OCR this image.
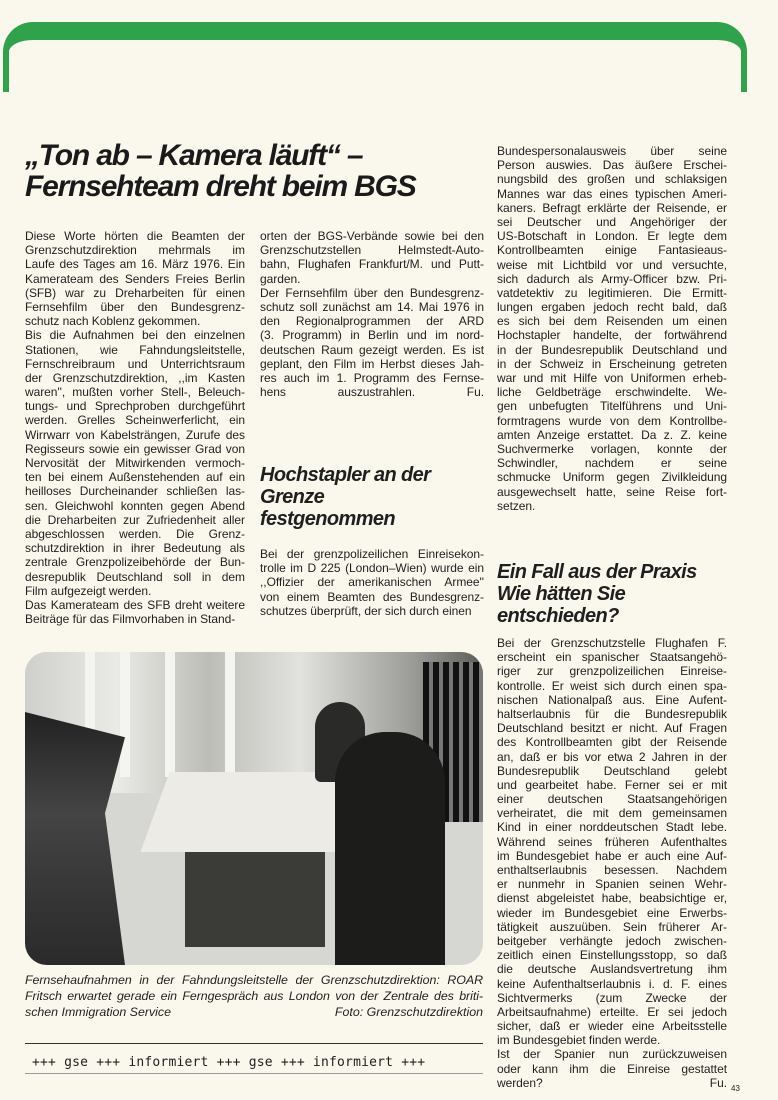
„Ton ab – Kamera läuft“ –
Fernsehteam dreht beim BGS
Diese Worte hörten die Beamten der
Grenzschutzdirektion mehrmals im
Laufe des Tages am 16. März 1976. Ein
Kamerateam des Senders Freies Berlin
(SFB) war zu Dreharbeiten für einen
Fernsehfilm über den Bundesgrenz-
schutz nach Koblenz gekommen.
Bis die Aufnahmen bei den einzelnen
Stationen, wie Fahndungsleitstelle,
Fernschreibraum und Unterrichtsraum
der Grenzschutzdirektion, ,,im Kasten
waren'', mußten vorher Stell-, Beleuch-
tungs- und Sprechproben durchgeführt
werden. Grelles Scheinwerferlicht, ein
Wirrwarr von Kabelsträngen, Zurufe des
Regisseurs sowie ein gewisser Grad von
Nervosität der Mitwirkenden vermoch-
ten bei einem Außenstehenden auf ein
heilloses Durcheinander schließen las-
sen. Gleichwohl konnten gegen Abend
die Dreharbeiten zur Zufriedenheit aller
abgeschlossen werden. Die Grenz-
schutzdirektion in ihrer Bedeutung als
zentrale Grenzpolizeibehörde der Bun-
desrepublik Deutschland soll in dem
Film aufgezeigt werden.
Das Kamerateam des SFB dreht weitere
Beiträge für das Filmvorhaben in Stand-
orten der BGS-Verbände sowie bei den
Grenzschutzstellen Helmstedt-Auto-
bahn, Flughafen Frankfurt/M. und Putt-
garden.
Der Fernsehfilm über den Bundesgrenz-
schutz soll zunächst am 14. Mai 1976 in
den Regionalprogrammen der ARD
(3. Programm) in Berlin und im nord-
deutschen Raum gezeigt werden. Es ist
geplant, den Film im Herbst dieses Jah-
res auch im 1. Programm des Fernse-
hens auszustrahlen. Fu.
Hochstapler an der
Grenze
festgenommen
Bei der grenzpolizeilichen Einreisekon-
trolle im D 225 (London–Wien) wurde ein
,,Offizier der amerikanischen Armee''
von einem Beamten des Bundesgrenz-
schutzes überprüft, der sich durch einen
Bundespersonalausweis über seine
Person auswies. Das äußere Erschei-
nungsbild des großen und schlaksigen
Mannes war das eines typischen Ameri-
kaners. Befragt erklärte der Reisende, er
sei Deutscher und Angehöriger der
US-Botschaft in London. Er legte dem
Kontrollbeamten einige Fantasieaus-
weise mit Lichtbild vor und versuchte,
sich dadurch als Army-Officer bzw. Pri-
vatdetektiv zu legitimieren. Die Ermitt-
lungen ergaben jedoch recht bald, daß
es sich bei dem Reisenden um einen
Hochstapler handelte, der fortwährend
in der Bundesrepublik Deutschland und
in der Schweiz in Erscheinung getreten
war und mit Hilfe von Uniformen erheb-
liche Geldbeträge erschwindelte. We-
gen unbefugten Titelführens und Uni-
formtragens wurde von dem Kontrollbe-
amten Anzeige erstattet. Da z. Z. keine
Suchvermerke vorlagen, konnte der
Schwindler, nachdem er seine
schmucke Uniform gegen Zivilkleidung
ausgewechselt hatte, seine Reise fort-
setzen.
Ein Fall aus der Praxis
Wie hätten Sie
entschieden?
Bei der Grenzschutzstelle Flughafen F.
erscheint ein spanischer Staatsangehö-
riger zur grenzpolizeilichen Einreise-
kontrolle. Er weist sich durch einen spa-
nischen Nationalpaß aus. Eine Aufent-
haltserlaubnis für die Bundesrepublik
Deutschland besitzt er nicht. Auf Fragen
des Kontrollbeamten gibt der Reisende
an, daß er bis vor etwa 2 Jahren in der
Bundesrepublik Deutschland gelebt
und gearbeitet habe. Ferner sei er mit
einer deutschen Staatsangehörigen
verheiratet, die mit dem gemeinsamen
Kind in einer norddeutschen Stadt lebe.
Während seines früheren Aufenthaltes
im Bundesgebiet habe er auch eine Auf-
enthaltserlaubnis besessen. Nachdem
er nunmehr in Spanien seinen Wehr-
dienst abgeleistet habe, beabsichtige er,
wieder im Bundesgebiet eine Erwerbs-
tätigkeit auszuüben. Sein früherer Ar-
beitgeber verhängte jedoch zwischen-
zeitlich einen Einstellungsstopp, so daß
die deutsche Auslandsvertretung ihm
keine Aufenthaltserlaubnis i. d. F. eines
Sichtvermerks (zum Zwecke der
Arbeitsaufnahme) erteilte. Er sei jedoch
sicher, daß er wieder eine Arbeitsstelle
im Bundesgebiet finden werde.
Ist der Spanier nun zurückzuweisen
oder kann ihm die Einreise gestattet
werden? Fu.
Fernsehaufnahmen in der Fahndungsleitstelle der Grenzschutzdirektion: ROAR
Fritsch erwartet gerade ein Ferngespräch aus London von der Zentrale des briti-
schen Immigration Service	Foto: Grenzschutzdirektion
+++ gse +++ informiert +++ gse +++ informiert +++
43
